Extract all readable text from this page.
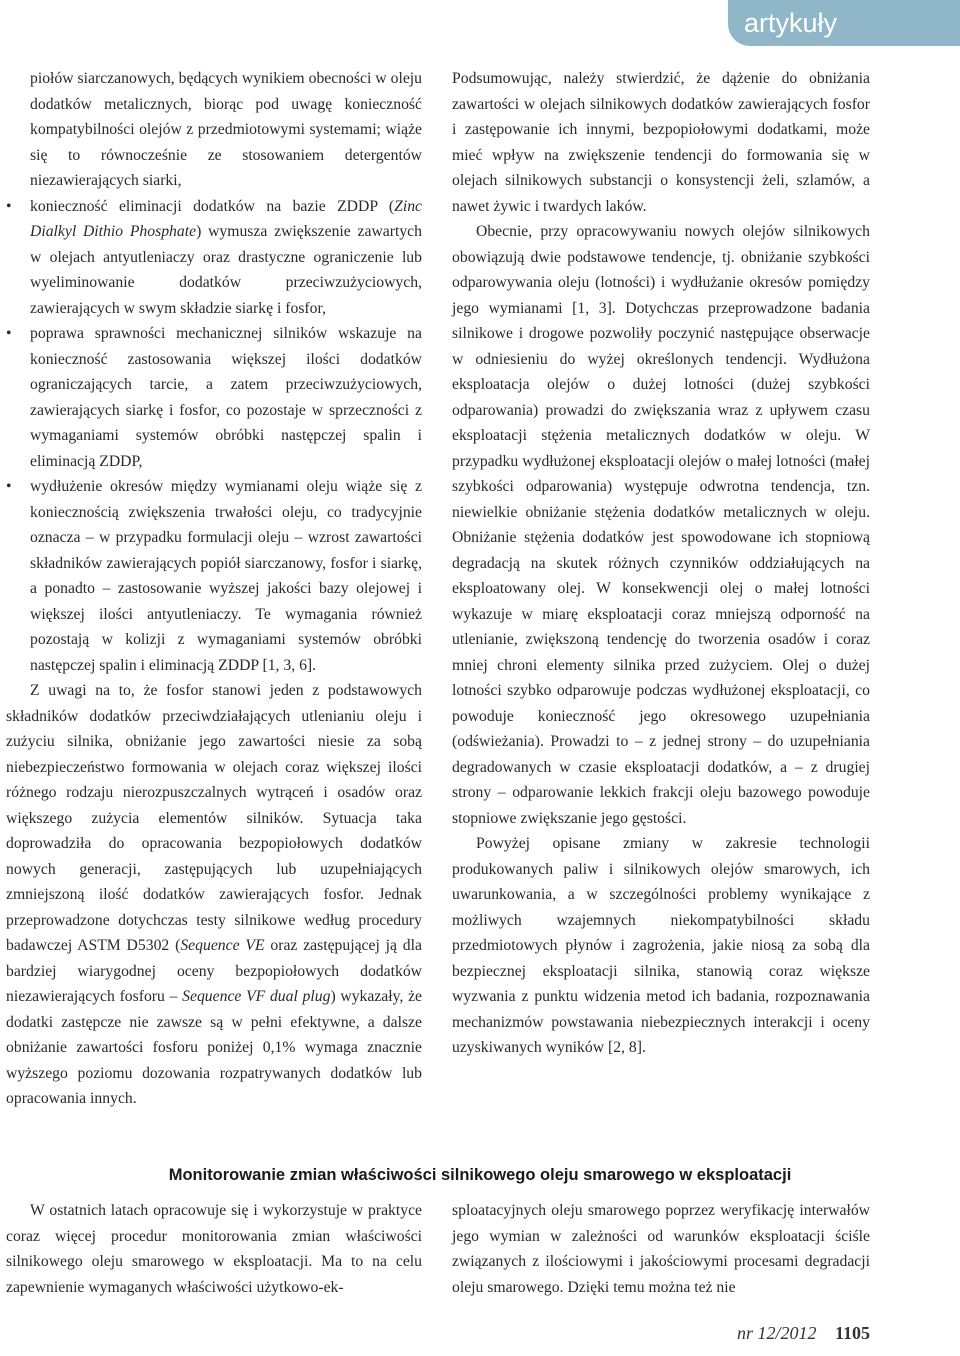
artykuły

piołów siarczanowych, będących wynikiem obecności w oleju dodatków metalicznych, biorąc pod uwagę konieczność kompatybilności olejów z przedmiotowymi systemami; wiąże się to równocześnie ze stosowaniem detergentów niezawierających siarki,

•	konieczność eliminacji dodatków na bazie ZDDP (Zinc Dialkyl Dithio Phosphate) wymusza zwiększenie zawartych w olejach antyutleniaczy oraz drastyczne ograniczenie lub wyeliminowanie dodatków przeciwzużyciowych, zawierających w swym składzie siarkę i fosfor,

•	poprawa sprawności mechanicznej silników wskazuje na konieczność zastosowania większej ilości dodatków ograniczających tarcie, a zatem przeciwzużyciowych, zawierających siarkę i fosfor, co pozostaje w sprzeczności z wymaganiami systemów obróbki następczej spalin i eliminacją ZDDP,

•	wydłużenie okresów między wymianami oleju wiąże się z koniecznością zwiększenia trwałości oleju, co tradycyjnie oznacza – w przypadku formulacji oleju – wzrost zawartości składników zawierających popiół siarczanowy, fosfor i siarkę, a ponadto – zastosowanie wyższej jakości bazy olejowej i większej ilości antyutleniaczy. Te wymagania również pozostają w kolizji z wymaganiami systemów obróbki następczej spalin i eliminacją ZDDP [1, 3, 6].

Z uwagi na to, że fosfor stanowi jeden z podstawowych składników dodatków przeciwdziałających utlenianiu oleju i zużyciu silnika, obniżanie jego zawartości niesie za sobą niebezpieczeństwo formowania w olejach coraz większej ilości różnego rodzaju nierozpuszczalnych wytrąceń i osadów oraz większego zużycia elementów silników. Sytuacja taka doprowadziła do opracowania bezpopiołowych dodatków nowych generacji, zastępujących lub uzupełniających zmniejszoną ilość dodatków zawierających fosfor. Jednak przeprowadzone dotychczas testy silnikowe według procedury badawczej ASTM D5302 (Sequence VE oraz zastępującej ją dla bardziej wiarygodnej oceny bezpopiołowych dodatków niezawierających fosforu – Sequence VF dual plug) wykazały, że dodatki zastępcze nie zawsze są w pełni efektywne, a dalsze obniżanie zawartości fosforu poniżej 0,1% wymaga znacznie wyższego poziomu dozowania rozpatrywanych dodatków lub opracowania innych.

Podsumowując, należy stwierdzić, że dążenie do obniżania zawartości w olejach silnikowych dodatków zawierających fosfor i zastępowanie ich innymi, bezpopiołowymi dodatkami, może mieć wpływ na zwiększenie tendencji do formowania się w olejach silnikowych substancji o konsystencji żeli, szlamów, a nawet żywic i twardych laków.

Obecnie, przy opracowywaniu nowych olejów silnikowych obowiązują dwie podstawowe tendencje, tj. obniżanie szybkości odparowywania oleju (lotności) i wydłużanie okresów pomiędzy jego wymianami [1, 3]. Dotychczas przeprowadzone badania silnikowe i drogowe pozwoliły poczynić następujące obserwacje w odniesieniu do wyżej określonych tendencji. Wydłużona eksploatacja olejów o dużej lotności (dużej szybkości odparowania) prowadzi do zwiększania wraz z upływem czasu eksploatacji stężenia metalicznych dodatków w oleju. W przypadku wydłużonej eksploatacji olejów o małej lotności (małej szybkości odparowania) występuje odwrotna tendencja, tzn. niewielkie obniżanie stężenia dodatków metalicznych w oleju. Obniżanie stężenia dodatków jest spowodowane ich stopniową degradacją na skutek różnych czynników oddziałujących na eksploatowany olej. W konsekwencji olej o małej lotności wykazuje w miarę eksploatacji coraz mniejszą odporność na utlenianie, zwiększoną tendencję do tworzenia osadów i coraz mniej chroni elementy silnika przed zużyciem. Olej o dużej lotności szybko odparowuje podczas wydłużonej eksploatacji, co powoduje konieczność jego okresowego uzupełniania (odświeżania). Prowadzi to – z jednej strony – do uzupełniania degradowanych w czasie eksploatacji dodatków, a – z drugiej strony – odparowanie lekkich frakcji oleju bazowego powoduje stopniowe zwiększanie jego gęstości.

Powyżej opisane zmiany w zakresie technologii produkowanych paliw i silnikowych olejów smarowych, ich uwarunkowania, a w szczególności problemy wynikające z możliwych wzajemnych niekompatybilności składu przedmiotowych płynów i zagrożenia, jakie niosą za sobą dla bezpiecznej eksploatacji silnika, stanowią coraz większe wyzwania z punktu widzenia metod ich badania, rozpoznawania mechanizmów powstawania niebezpiecznych interakcji i oceny uzyskiwanych wyników [2, 8].

Monitorowanie zmian właściwości silnikowego oleju smarowego w eksploatacji

W ostatnich latach opracowuje się i wykorzystuje w praktyce coraz więcej procedur monitorowania zmian właściwości silnikowego oleju smarowego w eksploatacji. Ma to na celu zapewnienie wymaganych właściwości użytkowo-ek-

sploatacyjnych oleju smarowego poprzez weryfikację interwałów jego wymian w zależności od warunków eksploatacji ściśle związanych z ilościowymi i jakościowymi procesami degradacji oleju smarowego. Dzięki temu można też nie

nr 12/2012 1105
